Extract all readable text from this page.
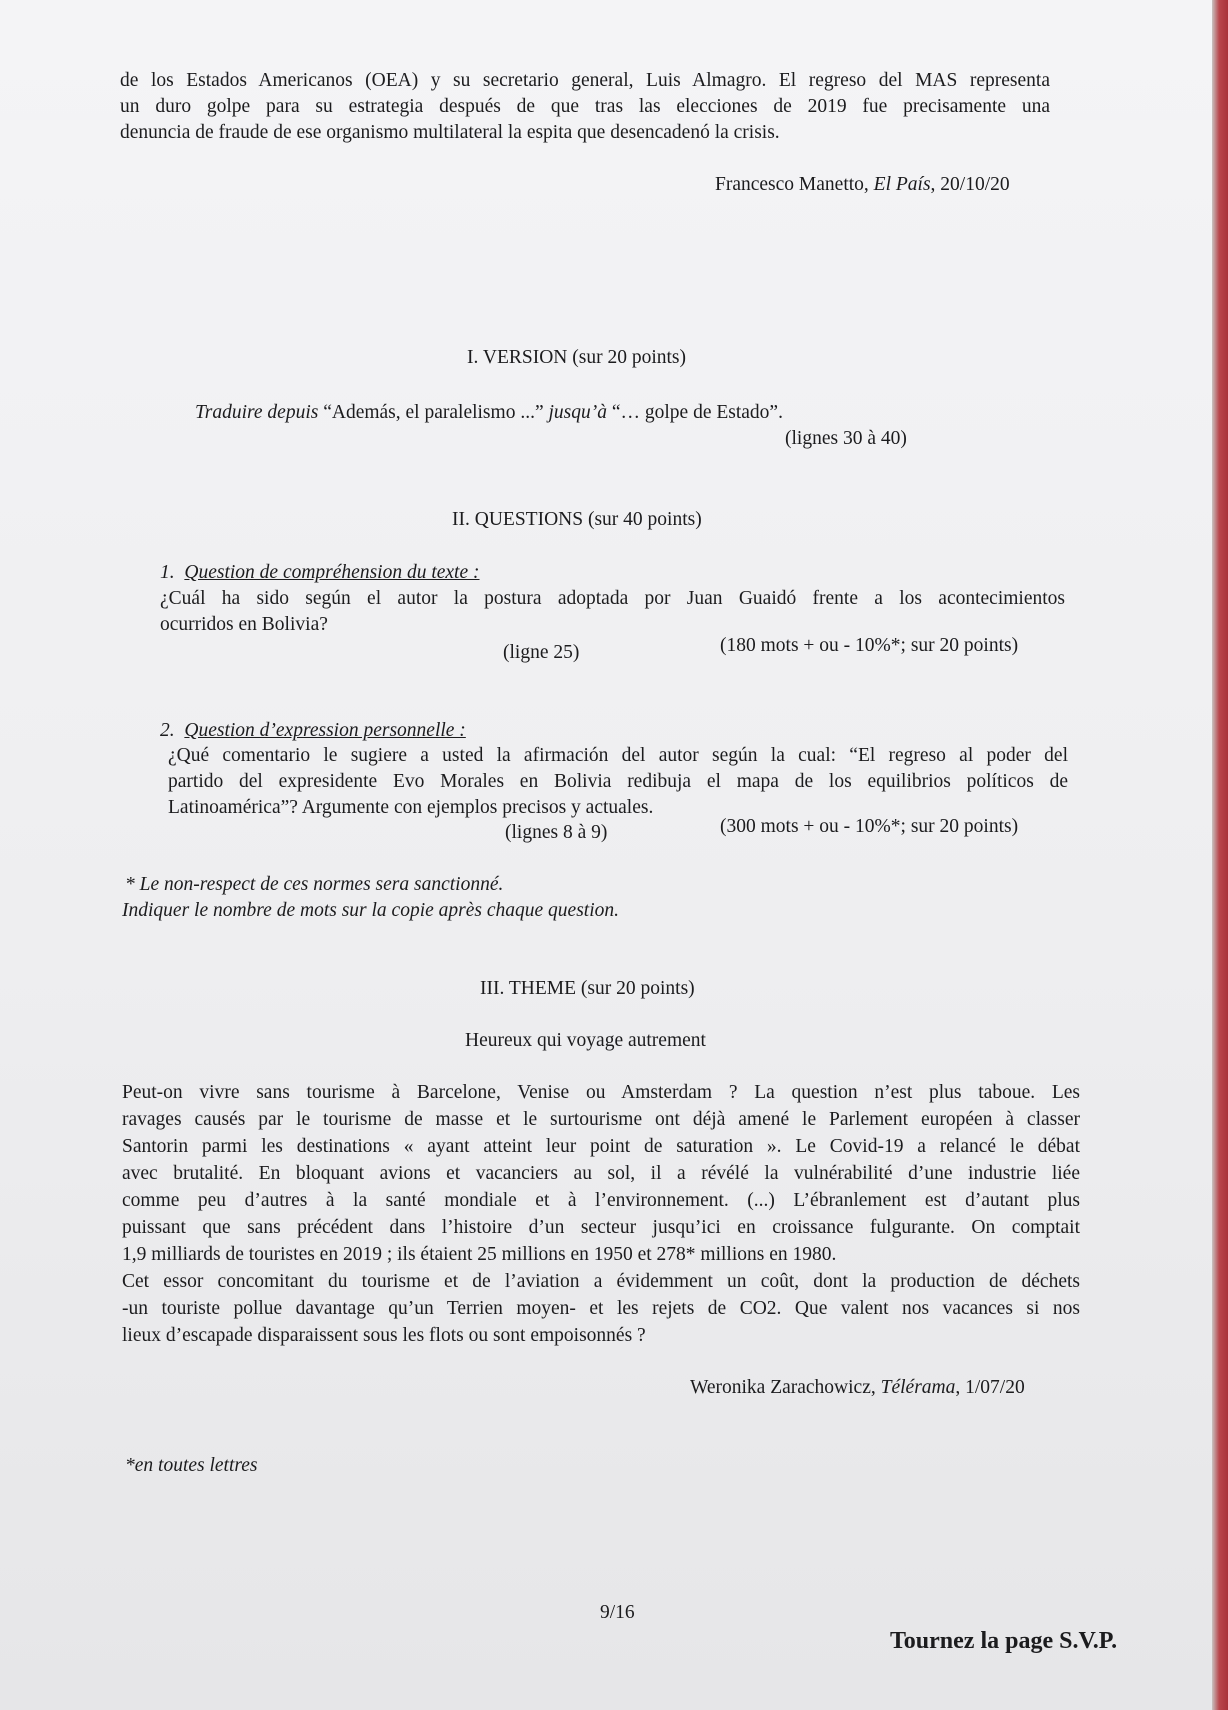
de los Estados Americanos (OEA) y su secretario general, Luis Almagro. El regreso del MAS representa
un duro golpe para su estrategia después de que tras las elecciones de 2019 fue precisamente una
denuncia de fraude de ese organismo multilateral la espita que desencadenó la crisis.
Francesco Manetto, El País, 20/10/20
I. VERSION (sur 20 points)
Traduire depuis “Además, el paralelismo ...” jusqu’à “… golpe de Estado”.
(lignes 30 à 40)
II. QUESTIONS (sur 40 points)
1. Question de compréhension du texte :
¿Cuál ha sido según el autor la postura adoptada por Juan Guaidó frente a los acontecimientos
ocurridos en Bolivia?
(ligne 25)	(180 mots + ou - 10%*; sur 20 points)
2. Question d’expression personnelle :
¿Qué comentario le sugiere a usted la afirmación del autor según la cual: “El regreso al poder del
partido del expresidente Evo Morales en Bolivia redibuja el mapa de los equilibrios políticos de
Latinoamérica”? Argumente con ejemplos precisos y actuales.
(lignes 8 à 9)	(300 mots + ou - 10%*; sur 20 points)
* Le non-respect de ces normes sera sanctionné.
Indiquer le nombre de mots sur la copie après chaque question.
III. THEME (sur 20 points)
Heureux qui voyage autrement
Peut-on vivre sans tourisme à Barcelone, Venise ou Amsterdam ? La question n’est plus taboue. Les
ravages causés par le tourisme de masse et le surtourisme ont déjà amené le Parlement européen à classer
Santorin parmi les destinations « ayant atteint leur point de saturation ». Le Covid-19 a relancé le débat
avec brutalité. En bloquant avions et vacanciers au sol, il a révélé la vulnérabilité d’une industrie liée
comme peu d’autres à la santé mondiale et à l’environnement. (...) L’ébranlement est d’autant plus
puissant que sans précédent dans l’histoire d’un secteur jusqu’ici en croissance fulgurante. On comptait
1,9 milliards de touristes en 2019 ; ils étaient 25 millions en 1950 et 278* millions en 1980.
Cet essor concomitant du tourisme et de l’aviation a évidemment un coût, dont la production de déchets
-un touriste pollue davantage qu’un Terrien moyen- et les rejets de CO2. Que valent nos vacances si nos
lieux d’escapade disparaissent sous les flots ou sont empoisonnés ?
Weronika Zarachowicz, Télérama, 1/07/20
*en toutes lettres
9/16
Tournez la page S.V.P.
